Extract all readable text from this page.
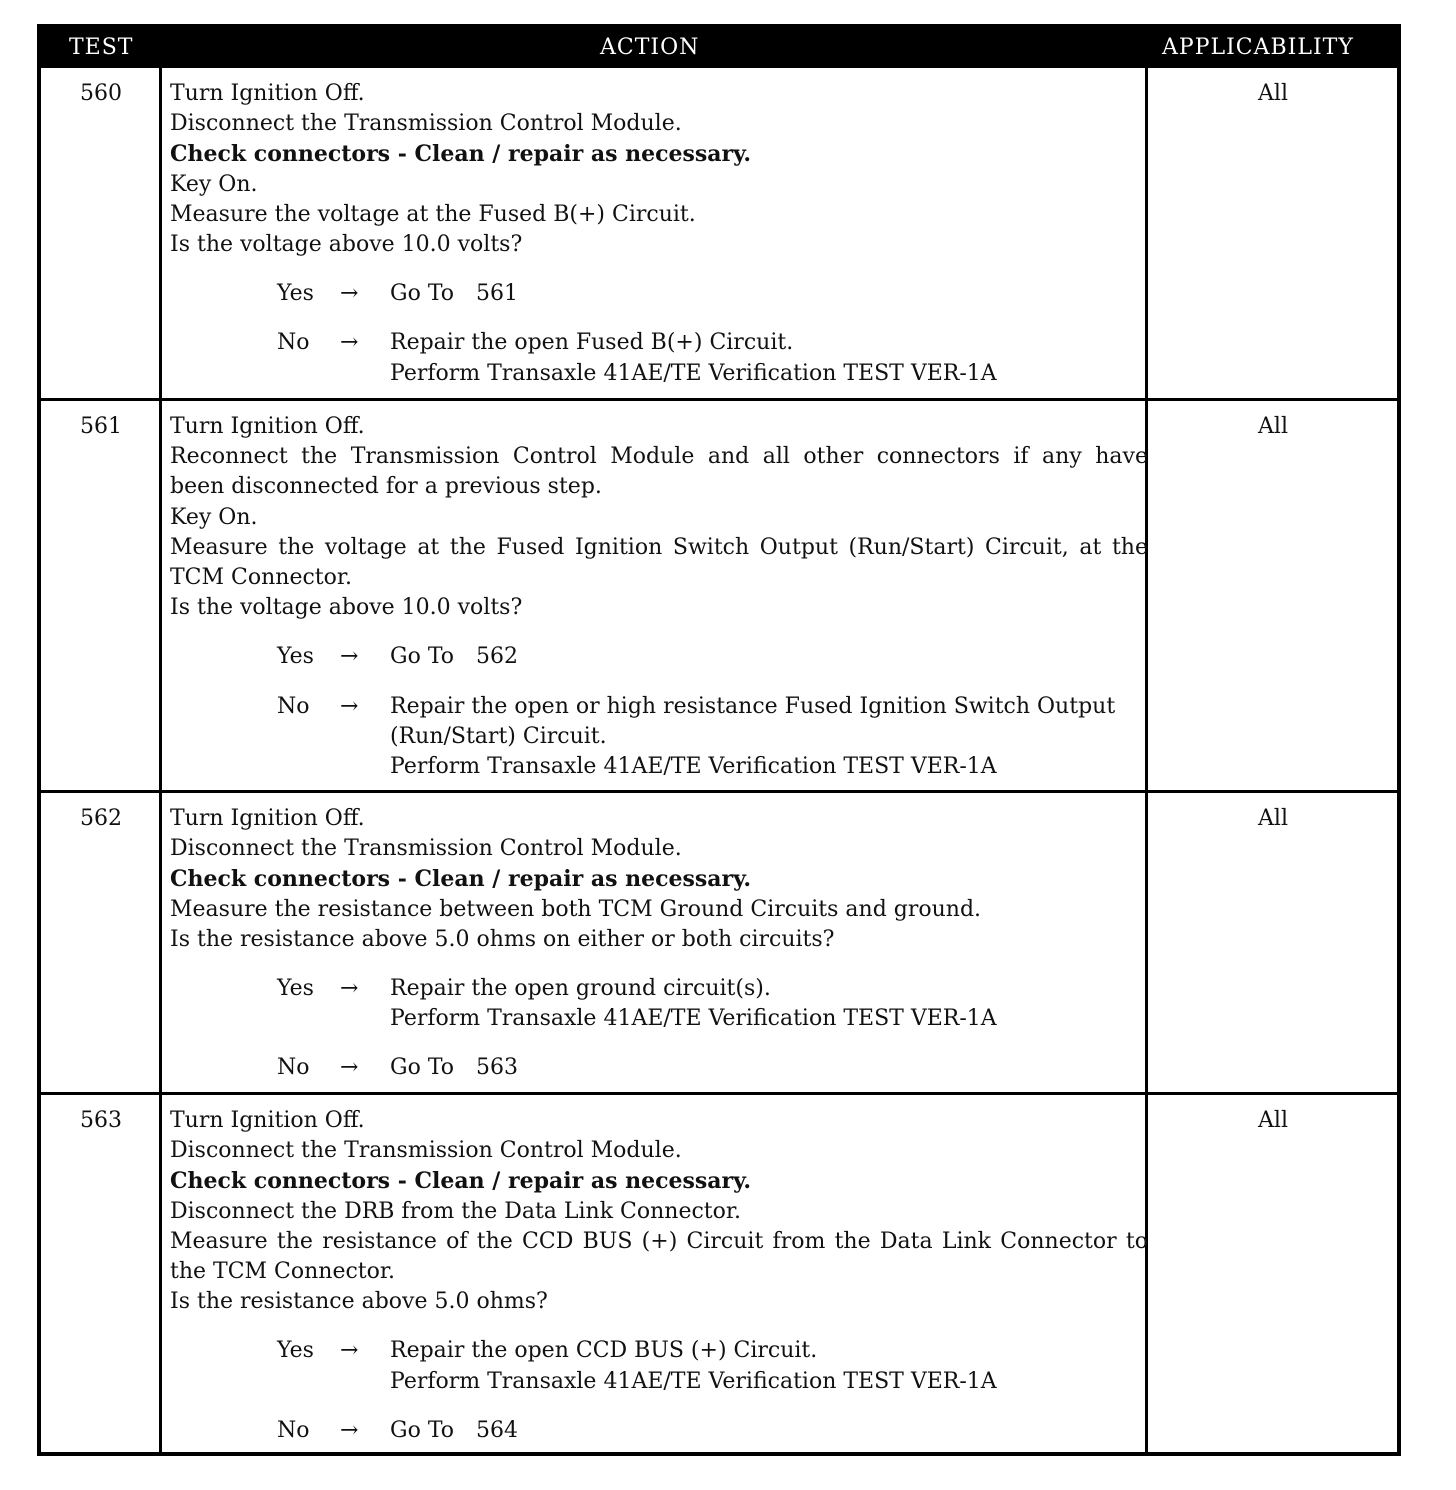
TEST	ACTION	APPLICABILITY
560	Turn Ignition Off.
Disconnect the Transmission Control Module.
Check connectors - Clean / repair as necessary.
Key On.
Measure the voltage at the Fused B(+) Circuit.
Is the voltage above 10.0 volts?
Yes	→	Go To 561
No	→	Repair the open Fused B(+) Circuit.
Perform Transaxle 41AE/TE Verification TEST VER-1A
All
561	Turn Ignition Off.
Reconnect the Transmission Control Module and all other connectors if any have
been disconnected for a previous step.
Key On.
Measure the voltage at the Fused Ignition Switch Output (Run/Start) Circuit, at the
TCM Connector.
Is the voltage above 10.0 volts?
Yes	→	Go To 562
No	→	Repair the open or high resistance Fused Ignition Switch Output
(Run/Start) Circuit.
Perform Transaxle 41AE/TE Verification TEST VER-1A
All
562	Turn Ignition Off.
Disconnect the Transmission Control Module.
Check connectors - Clean / repair as necessary.
Measure the resistance between both TCM Ground Circuits and ground.
Is the resistance above 5.0 ohms on either or both circuits?
Yes	→	Repair the open ground circuit(s).
Perform Transaxle 41AE/TE Verification TEST VER-1A
No	→	Go To 563
All
563	Turn Ignition Off.
Disconnect the Transmission Control Module.
Check connectors - Clean / repair as necessary.
Disconnect the DRB from the Data Link Connector.
Measure the resistance of the CCD BUS (+) Circuit from the Data Link Connector to
the TCM Connector.
Is the resistance above 5.0 ohms?
Yes	→	Repair the open CCD BUS (+) Circuit.
Perform Transaxle 41AE/TE Verification TEST VER-1A
No	→	Go To 564
All
